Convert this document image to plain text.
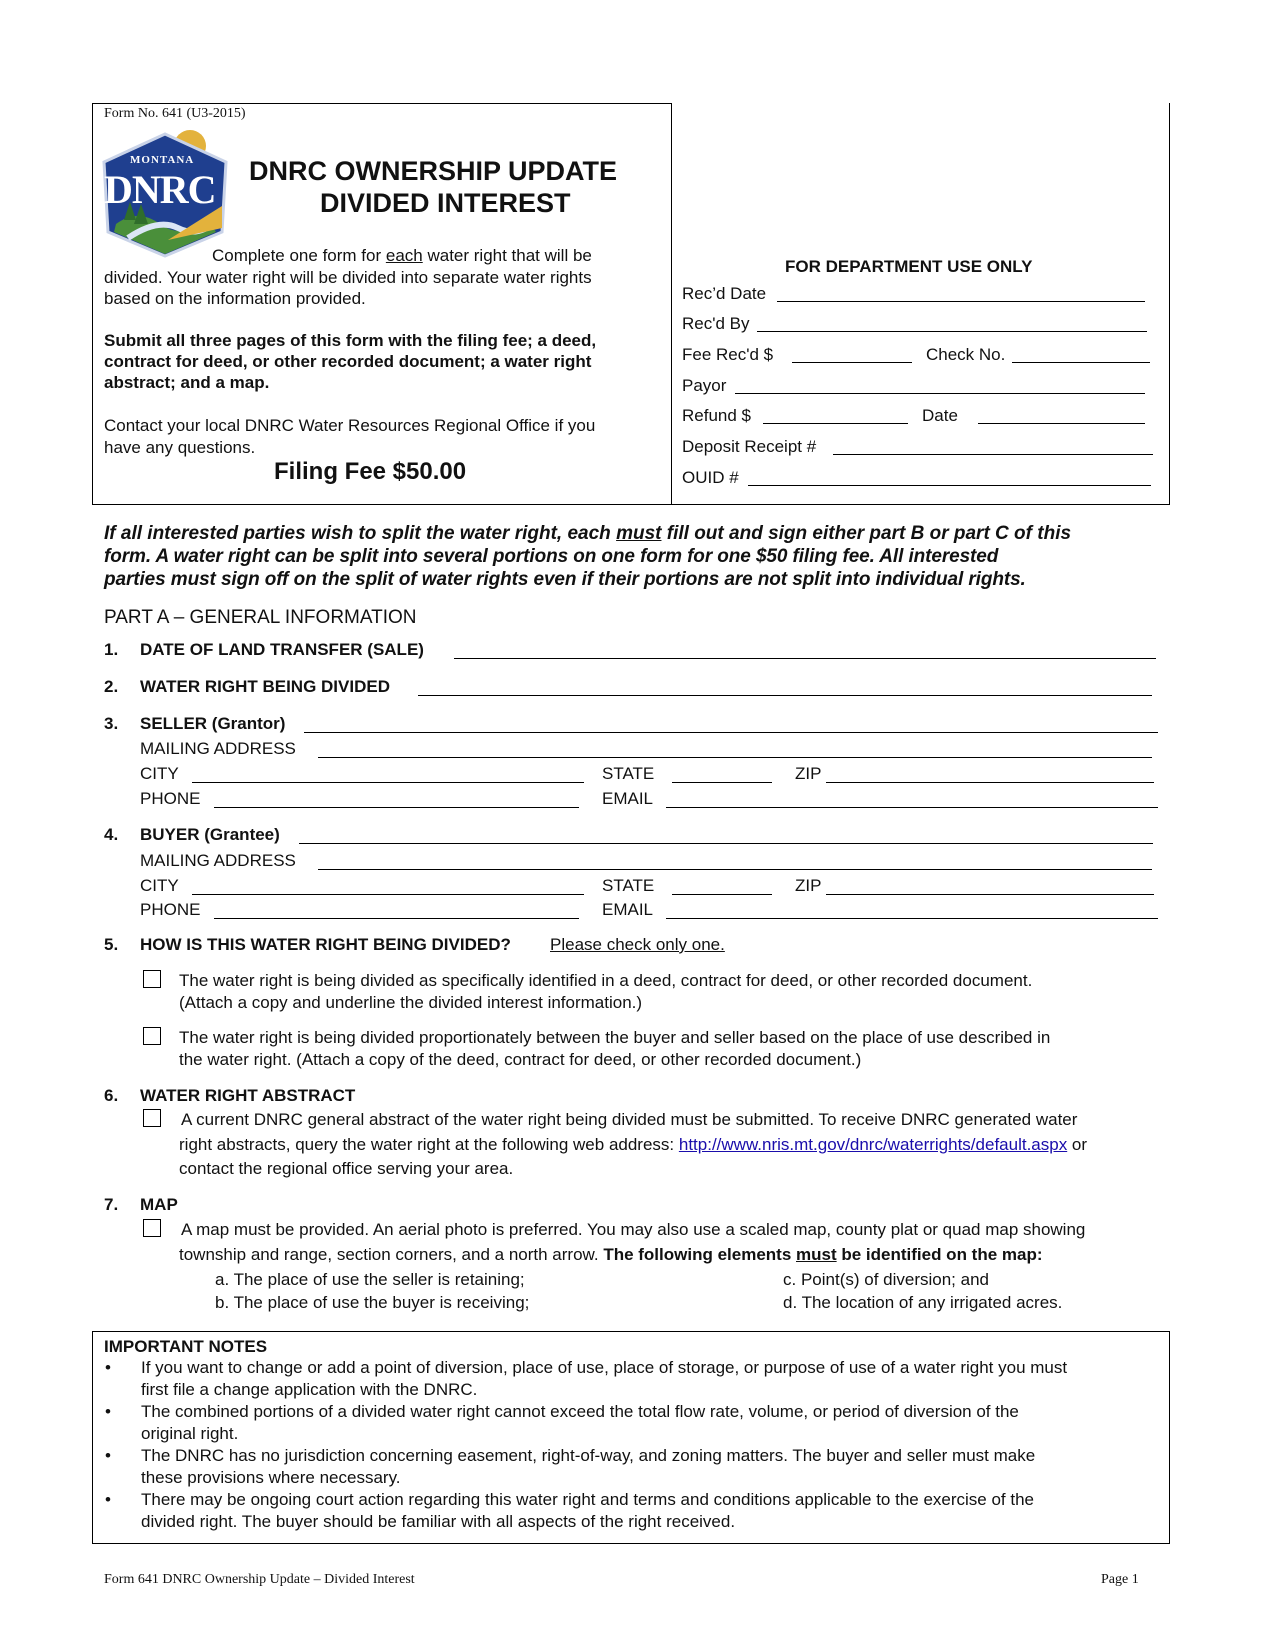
Form No. 641 (U3-2015)
MONTANA
DNRC DNRC OWNERSHIP UPDATE
DIVIDED INTEREST
Complete one form for each water right that will be
divided. Your water right will be divided into separate water rights
based on the information provided.
Submit all three pages of this form with the filing fee; a deed,
contract for deed, or other recorded document; a water right
abstract; and a map.
Contact your local DNRC Water Resources Regional Office if you
have any questions.
Filing Fee $50.00
FOR DEPARTMENT USE ONLY
Rec’d Date
Rec'd By
Fee Rec'd $	Check No.
Payor
Refund $	Date
Deposit Receipt #
OUID #
If all interested parties wish to split the water right, each must fill out and sign either part B or part C of this
form. A water right can be split into several portions on one form for one $50 filing fee. All interested
parties must sign off on the split of water rights even if their portions are not split into individual rights.
PART A – GENERAL INFORMATION
1. DATE OF LAND TRANSFER (SALE)
2. WATER RIGHT BEING DIVIDED
3. SELLER (Grantor)
MAILING ADDRESS
CITY	STATE	ZIP
PHONE	EMAIL
4. BUYER (Grantee)
MAILING ADDRESS
CITY	STATE	ZIP
PHONE	EMAIL
5. HOW IS THIS WATER RIGHT BEING DIVIDED? Please check only one.
The water right is being divided as specifically identified in a deed, contract for deed, or other recorded document.
(Attach a copy and underline the divided interest information.)
The water right is being divided proportionately between the buyer and seller based on the place of use described in
the water right. (Attach a copy of the deed, contract for deed, or other recorded document.)
6. WATER RIGHT ABSTRACT
A current DNRC general abstract of the water right being divided must be submitted. To receive DNRC generated water
right abstracts, query the water right at the following web address: http://www.nris.mt.gov/dnrc/waterrights/default.aspx or
contact the regional office serving your area.
7. MAP
A map must be provided. An aerial photo is preferred. You may also use a scaled map, county plat or quad map showing
township and range, section corners, and a north arrow. The following elements must be identified on the map:
a. The place of use the seller is retaining;
b. The place of use the buyer is receiving;
c. Point(s) of diversion; and
d. The location of any irrigated acres.
IMPORTANT NOTES
• If you want to change or add a point of diversion, place of use, place of storage, or purpose of use of a water right you must
first file a change application with the DNRC.
• The combined portions of a divided water right cannot exceed the total flow rate, volume, or period of diversion of the
original right.
• The DNRC has no jurisdiction concerning easement, right-of-way, and zoning matters. The buyer and seller must make
these provisions where necessary.
• There may be ongoing court action regarding this water right and terms and conditions applicable to the exercise of the
divided right. The buyer should be familiar with all aspects of the right received.
Form 641 DNRC Ownership Update – Divided Interest	Page 1
